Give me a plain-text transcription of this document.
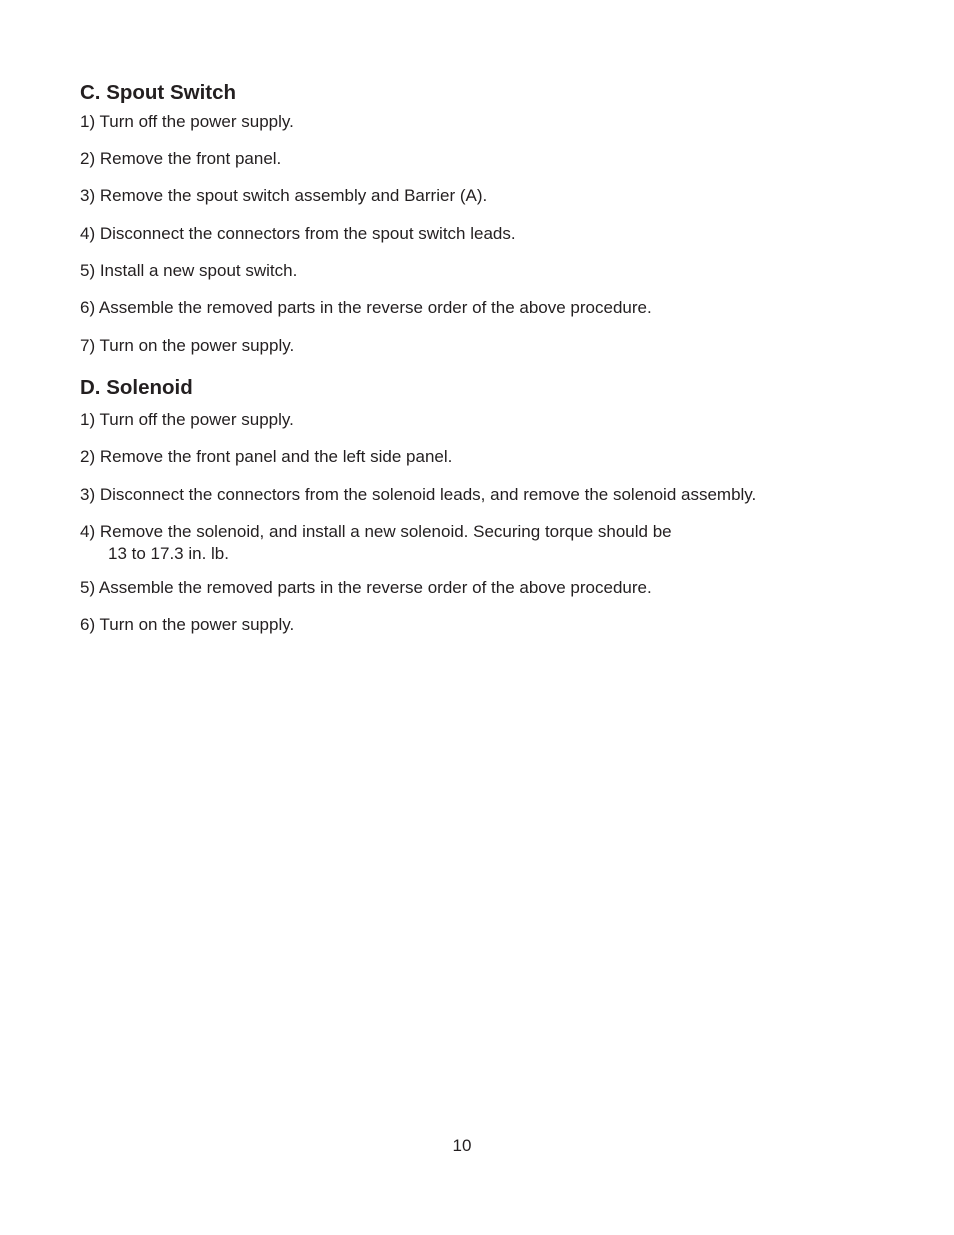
C. Spout Switch
1) Turn off the power supply.
2) Remove the front panel.
3) Remove the spout switch assembly and Barrier (A).
4) Disconnect the connectors from the spout switch leads.
5) Install a new spout switch.
6) Assemble the removed parts in the reverse order of the above procedure.
7) Turn on the power supply.
D. Solenoid
1) Turn off the power supply.
2) Remove the front panel and the left side panel.
3) Disconnect the connectors from the solenoid leads, and remove the solenoid assembly.
4) Remove the solenoid, and install a new solenoid. Securing torque should be
13 to 17.3 in. lb.
5) Assemble the removed parts in the reverse order of the above procedure.
6) Turn on the power supply.
10
